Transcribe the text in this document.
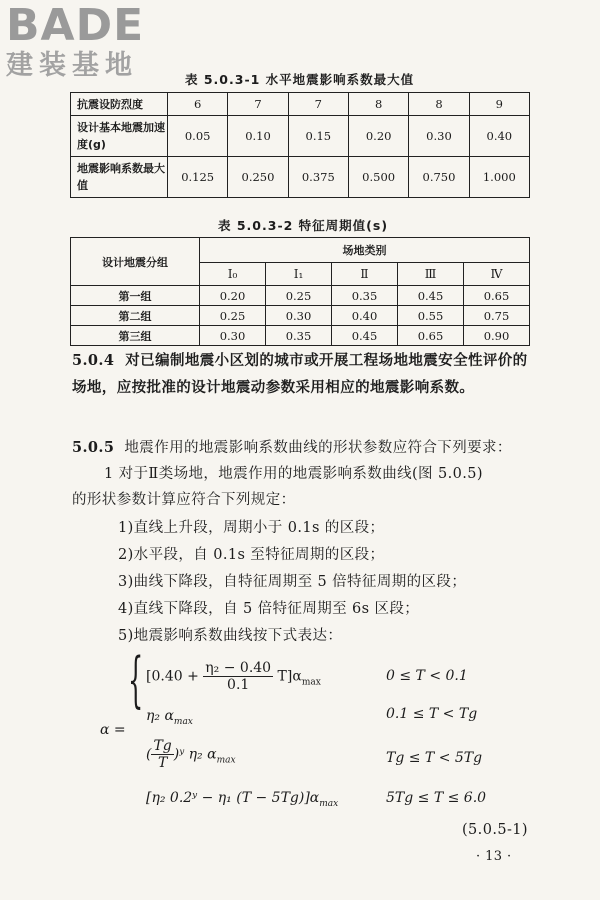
BADE
建装基地	表 5.0.3-1 水平地震影响系数最大值
抗震设防烈度	6	7	7	8	8	9
设计基本地震加速度(g)	0.05	0.10	0.15	0.20	0.30	0.40
地震影响系数最大值	0.125	0.250	0.375	0.500	0.750	1.000
表 5.0.3-2 特征周期值(s)
设计地震分组	场地类别				
	I₀	I₁	Ⅱ	Ⅲ	Ⅳ
第一组	0.20	0.25	0.35	0.45	0.65
第二组	0.25	0.30	0.40	0.55	0.75
第三组	0.30	0.35	0.45	0.65	0.90
5.0.4 对已编制地震小区划的城市或开展工程场地地震安全性评价的场地，应按批准的设计地震动参数采用相应的地震影响系数。
5.0.5 地震作用的地震影响系数曲线的形状参数应符合下列要求：
1 对于Ⅱ类场地，地震作用的地震影响系数曲线(图 5.0.5)
的形状参数计算应符合下列规定：
1)直线上升段，周期小于 0.1s 的区段；
2)水平段，自 0.1s 至特征周期的区段；
3)曲线下降段，自特征周期至 5 倍特征周期的区段；
4)直线下降段，自 5 倍特征周期至 6s 区段；
5)地震影响系数曲线按下式表达：
α =
{ $[0.40 + \frac{\text{η₂ − 0.40}}{0.1} T]\alpha_{max}$	0 ≤ T < 0.1
η₂ $\alpha_{max}$	0.1 ≤ T < Tg
( $\frac{Tg}{T}$ )ʸ η₂ $\alpha_{max}$	Tg ≤ T < 5Tg
[η₂ 0.2ʸ − η₁ $(T - 5Tg)]\alpha_{max}$	5Tg ≤ T ≤ 6.0
(5.0.5-1)
· 13 ·
